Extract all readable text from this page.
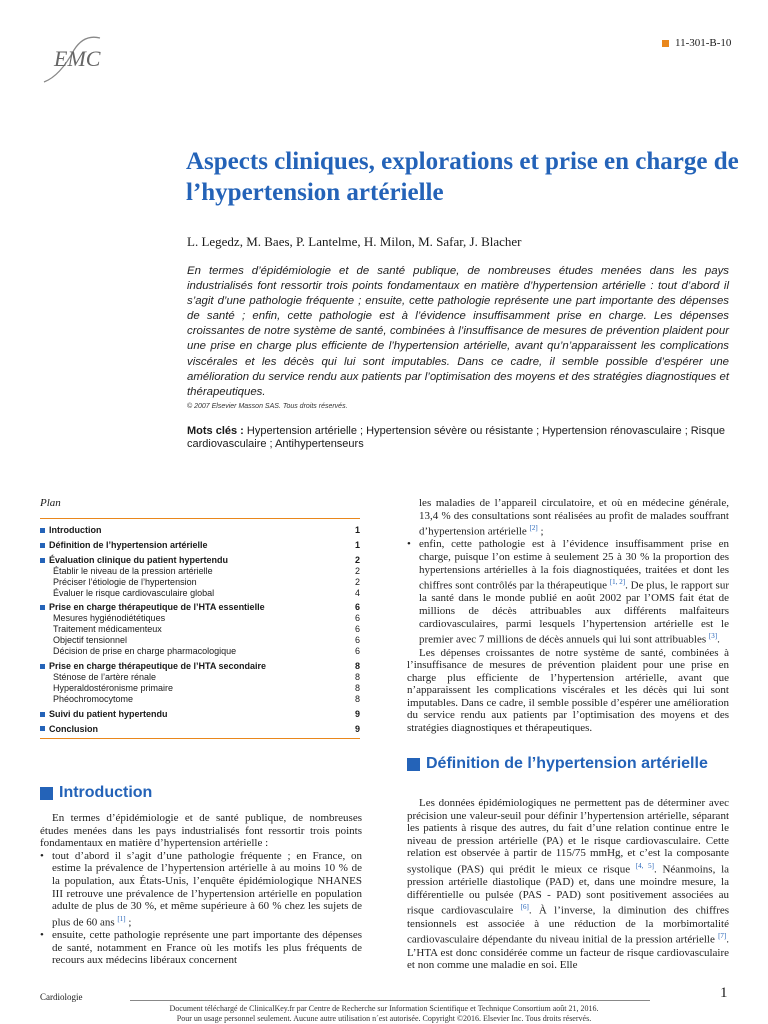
EMC
11-301-B-10
Aspects cliniques, explorations et prise en charge de l’hypertension artérielle
L. Legedz, M. Baes, P. Lantelme, H. Milon, M. Safar, J. Blacher
En termes d’épidémiologie et de santé publique, de nombreuses études menées dans les pays industrialisés font ressortir trois points fondamentaux en matière d’hypertension artérielle : tout d’abord il s’agit d’une pathologie fréquente ; ensuite, cette pathologie représente une part importante des dépenses de santé ; enfin, cette pathologie est à l’évidence insuffisamment prise en charge. Les dépenses croissantes de notre système de santé, combinées à l’insuffisance de mesures de prévention plaident pour une prise en charge plus efficiente de l’hypertension artérielle, avant qu’n’apparaissent les complications viscérales et les décès qui lui sont imputables. Dans ce cadre, il semble possible d’espérer une amélioration du service rendu aux patients par l’optimisation des moyens et des stratégies diagnostiques et thérapeutiques.
© 2007 Elsevier Masson SAS. Tous droits réservés.
Mots clés : Hypertension artérielle ; Hypertension sévère ou résistante ; Hypertension rénovasculaire ; Risque cardiovasculaire ; Antihypertenseurs
Plan
Introduction	1
Définition de l’hypertension artérielle	1
Évaluation clinique du patient hypertendu	2
Établir le niveau de la pression artérielle	2
Préciser l’étiologie de l’hypertension	2
Évaluer le risque cardiovasculaire global	4
Prise en charge thérapeutique de l’HTA essentielle	6
Mesures hygiénodiététiques	6
Traitement médicamenteux	6
Objectif tensionnel	6
Décision de prise en charge pharmacologique	6
Prise en charge thérapeutique de l’HTA secondaire	8
Sténose de l’artère rénale	8
Hyperaldostéronisme primaire	8
Phéochromocytome	8
Suivi du patient hypertendu	9
Conclusion	9
Introduction

En termes d’épidémiologie et de santé publique, de nombreuses études menées dans les pays industrialisés font ressortir trois points fondamentaux en matière d’hypertension artérielle :

• tout d’abord il s’agit d’une pathologie fréquente ; en France, on estime la prévalence de l’hypertension artérielle à au moins 10 % de la population, aux États-Unis, l’enquête épidémiologique NHANES III retrouve une prévalence de l’hypertension artérielle en population adulte de plus de 30 %, et même supérieure à 60 % chez les sujets de plus de 60 ans [1] ;
• ensuite, cette pathologie représente une part importante des dépenses de santé, notamment en France où les motifs les plus fréquents de recours aux médecins libéraux concernent
les maladies de l’appareil circulatoire, et où en médecine générale, 13,4 % des consultations sont réalisées au profit de malades souffrant d’hypertension artérielle [2] ;
• enfin, cette pathologie est à l’évidence insuffisamment prise en charge, puisque l’on estime à seulement 25 à 30 % la proportion des hypertensions artérielles à la fois diagnostiquées, traitées et dont les chiffres sont contrôlés par la thérapeutique [1, 2]. De plus, le rapport sur la santé dans le monde publié en août 2002 par l’OMS fait état de millions de décès attribuables aux différents malfaiteurs cardiovasculaires, parmi lesquels l’hypertension artérielle est le premier avec 7 millions de décès annuels qui lui sont attribuables [3].

Les dépenses croissantes de notre système de santé, combinées à l’insuffisance de mesures de prévention plaident pour une prise en charge plus efficiente de l’hypertension artérielle, avant que n’apparaissent les complications viscérales et les décès qui lui sont imputables. Dans ce cadre, il semble possible d’espérer une amélioration du service rendu aux patients par l’optimisation des moyens et des stratégies diagnostiques et thérapeutiques.

Définition de l’hypertension artérielle

Les données épidémiologiques ne permettent pas de déterminer avec précision une valeur-seuil pour définir l’hypertension artérielle, séparant les patients à risque des autres, du fait d’une relation continue entre le niveau de pression artérielle (PA) et le risque cardiovasculaire. Cette relation est observée à partir de 115/75 mmHg, et c’est la composante systolique (PAS) qui prédit le mieux ce risque [4, 5]. Néanmoins, la pression artérielle diastolique (PAD) et, dans une moindre mesure, la différentielle ou pulsée (PAS - PAD) sont positivement associées au risque cardiovasculaire [6]. À l’inverse, la diminution des chiffres tensionnels est associée à une réduction de la morbimortalité cardiovasculaire dépendante du niveau initial de la pression artérielle [7]. L’HTA est donc considérée comme un facteur de risque cardiovasculaire et non comme une maladie en soi. Elle

Cardiologie	1
Document téléchargé de ClinicalKey.fr par Centre de Recherche sur Information Scientifique et Technique Consortium août 21, 2016.
Pour un usage personnel seulement. Aucune autre utilisation n´est autorisée. Copyright ©2016. Elsevier Inc. Tous droits réservés.
